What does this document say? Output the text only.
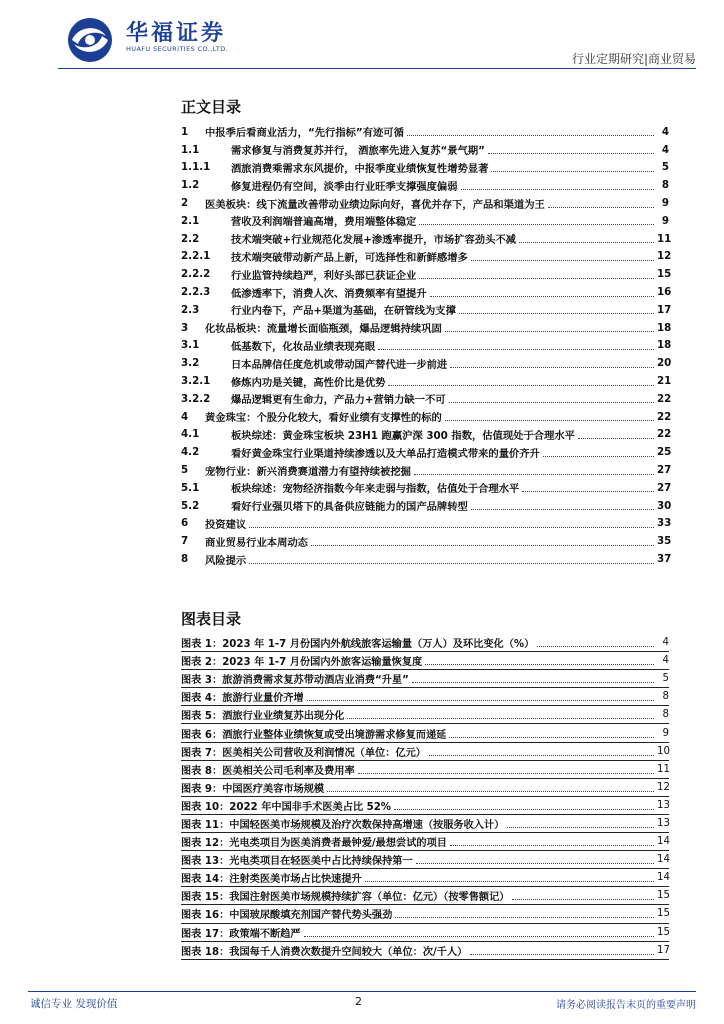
华福证券
HUAFU SECURITIES CO.,LTD.
行业定期研究|商业贸易
正文目录
1	中报季后看商业活力，“先行指标”有迹可循	4
1.1	需求修复与消费复苏并行， 酒旅率先进入复苏“景气期”	4
1.1.1	酒旅消费乘需求东风提价，中报季度业绩恢复性增势显著	5
1.2	修复进程仍有空间，淡季由行业旺季支撑强度偏弱	8
2	医美板块：线下流量改善带动业绩边际向好，喜优并存下，产品和渠道为王	9
2.1	营收及利润端普遍高增，费用端整体稳定	9
2.2	技术端突破+行业规范化发展+渗透率提升，市场扩容劲头不减	11
2.2.1	技术端突破带动新产品上新，可选择性和新鲜感增多	12
2.2.2	行业监管持续趋严，利好头部已获证企业	15
2.2.3	低渗透率下，消费人次、消费频率有望提升	16
2.3	行业内卷下，产品+渠道为基础，在研管线为支撑	17
3	化妆品板块：流量增长面临瓶颈，爆品逻辑持续巩固	18
3.1	低基数下，化妆品业绩表现亮眼	18
3.2	日本品牌信任度危机或带动国产替代进一步前进	20
3.2.1	修炼内功是关键，高性价比是优势	21
3.2.2	爆品逻辑更有生命力，产品力+营销力缺一不可	22
4	黄金珠宝：个股分化较大，看好业绩有支撑性的标的	22
4.1	板块综述：黄金珠宝板块 23H1 跑赢沪深 300 指数，估值现处于合理水平	22
4.2	看好黄金珠宝行业渠道持续渗透以及大单品打造模式带来的量价齐升	25
5	宠物行业：新兴消费赛道潜力有望持续被挖掘	27
5.1	板块综述：宠物经济指数今年来走弱与指数，估值处于合理水平	27
5.2	看好行业强贝塔下的具备供应链能力的国产品牌转型	30
6	投资建议	33
7	商业贸易行业本周动态	35
8	风险提示	37
图表目录
图表 1： 2023 年 1-7 月份国内外航线旅客运输量（万人）及环比变化（%）	4
图表 2： 2023 年 1-7 月份国内外旅客运输量恢复度	4
图表 3： 旅游消费需求复苏带动酒店业消费“升星”	5
图表 4： 旅游行业量价齐增	8
图表 5： 酒旅行业业绩复苏出现分化	8
图表 6： 酒旅行业整体业绩恢复或受出境游需求修复而递延	9
图表 7： 医美相关公司营收及利润情况（单位：亿元）	10
图表 8： 医美相关公司毛利率及费用率	11
图表 9： 中国医疗美容市场规模	12
图表 10： 2022 年中国非手术医美占比 52%	13
图表 11： 中国轻医美市场规模及治疗次数保持高增速（按服务收入计）	13
图表 12： 光电类项目为医美消费者最钟爱/最想尝试的项目	14
图表 13： 光电类项目在轻医美中占比持续保持第一	14
图表 14： 注射类医美市场占比快速提升	14
图表 15： 我国注射医美市场规模持续扩容（单位：亿元）（按零售额记）	15
图表 16： 中国玻尿酸填充剂国产替代势头强劲	15
图表 17： 政策端不断趋严	15
图表 18： 我国每千人消费次数提升空间较大（单位：次/千人）	17
诚信专业 发现价值	2	请务必阅读报告末页的重要声明
